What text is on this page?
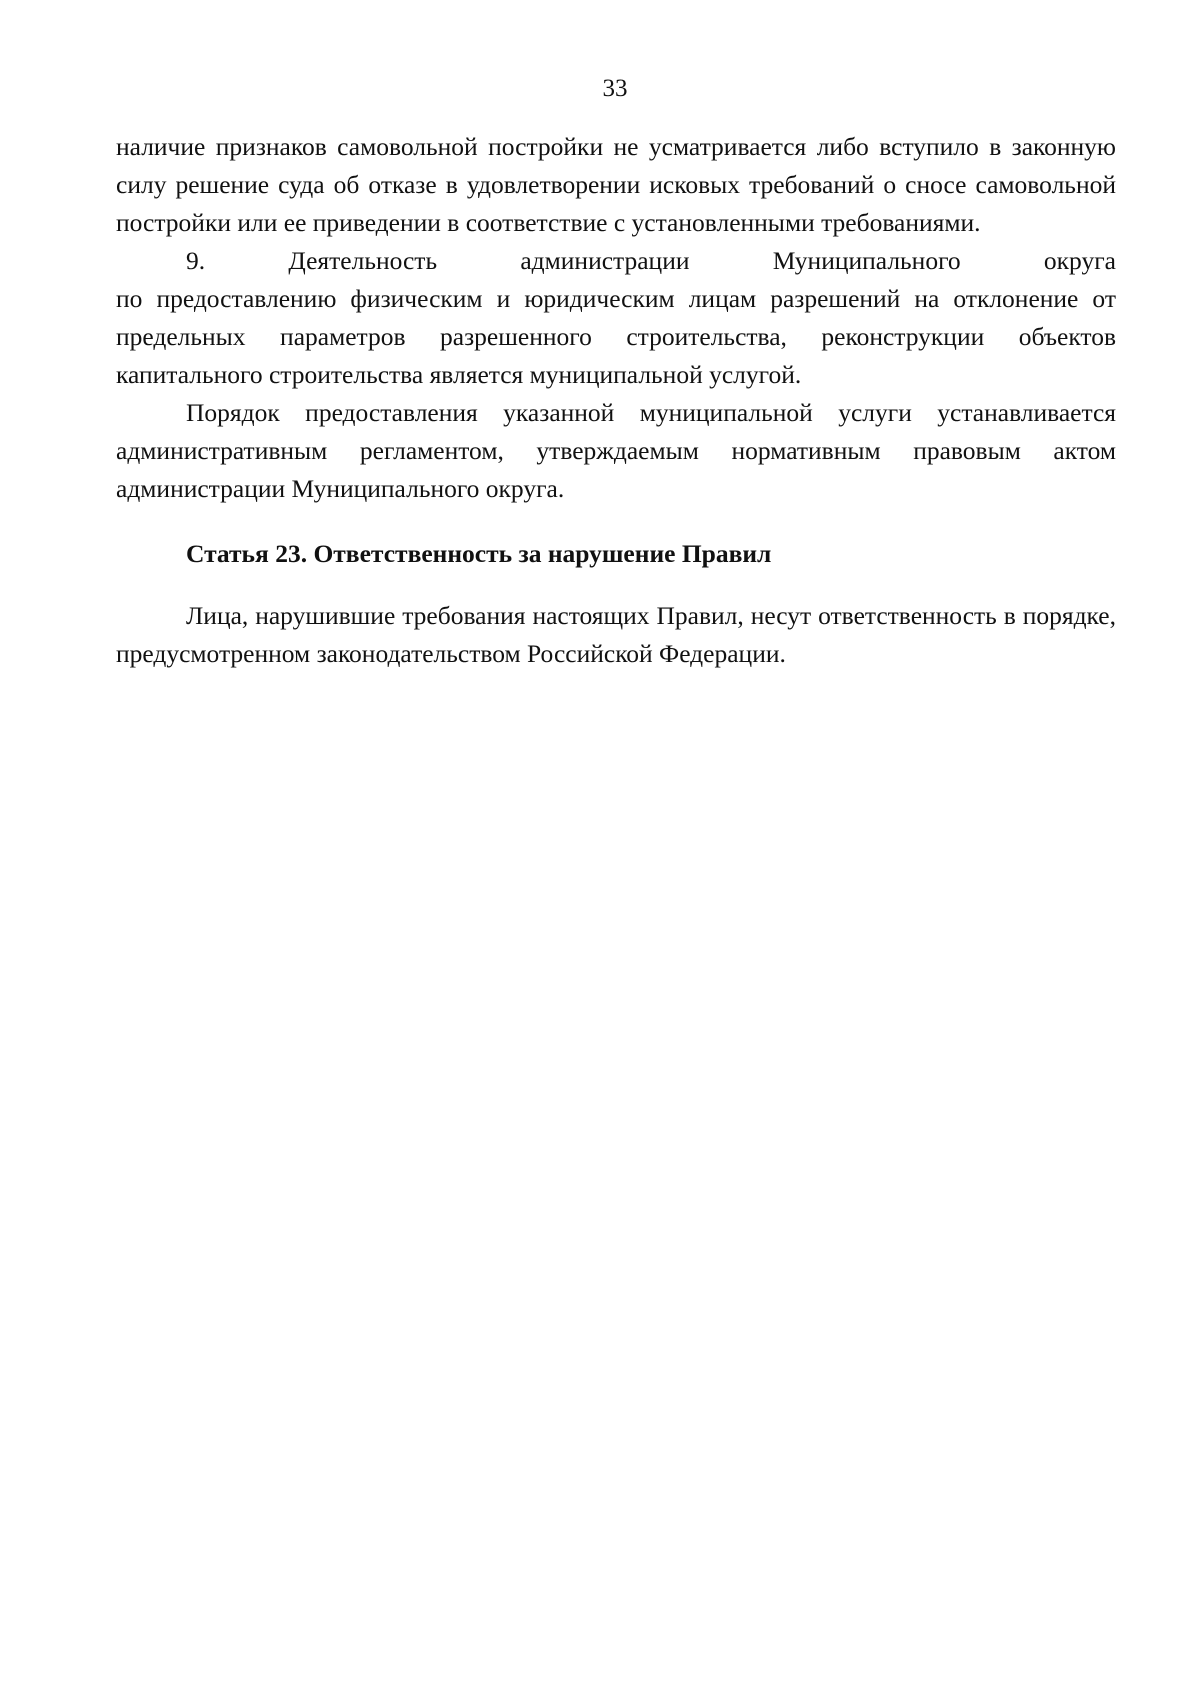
33

наличие признаков самовольной постройки не усматривается либо вступило в законную силу решение суда об отказе в удовлетворении исковых требований о сносе самовольной постройки или ее приведении в соответствие с установленными требованиями.

9. Деятельность администрации Муниципального округа

по предоставлению физическим и юридическим лицам разрешений на отклонение от предельных параметров разрешенного строительства, реконструкции объектов капитального строительства является муниципальной услугой.

Порядок предоставления указанной муниципальной услуги устанавливается административным регламентом, утверждаемым нормативным правовым актом администрации Муниципального округа.

Статья 23. Ответственность за нарушение Правил

Лица, нарушившие требования настоящих Правил, несут ответственность в порядке, предусмотренном законодательством Российской Федерации.
